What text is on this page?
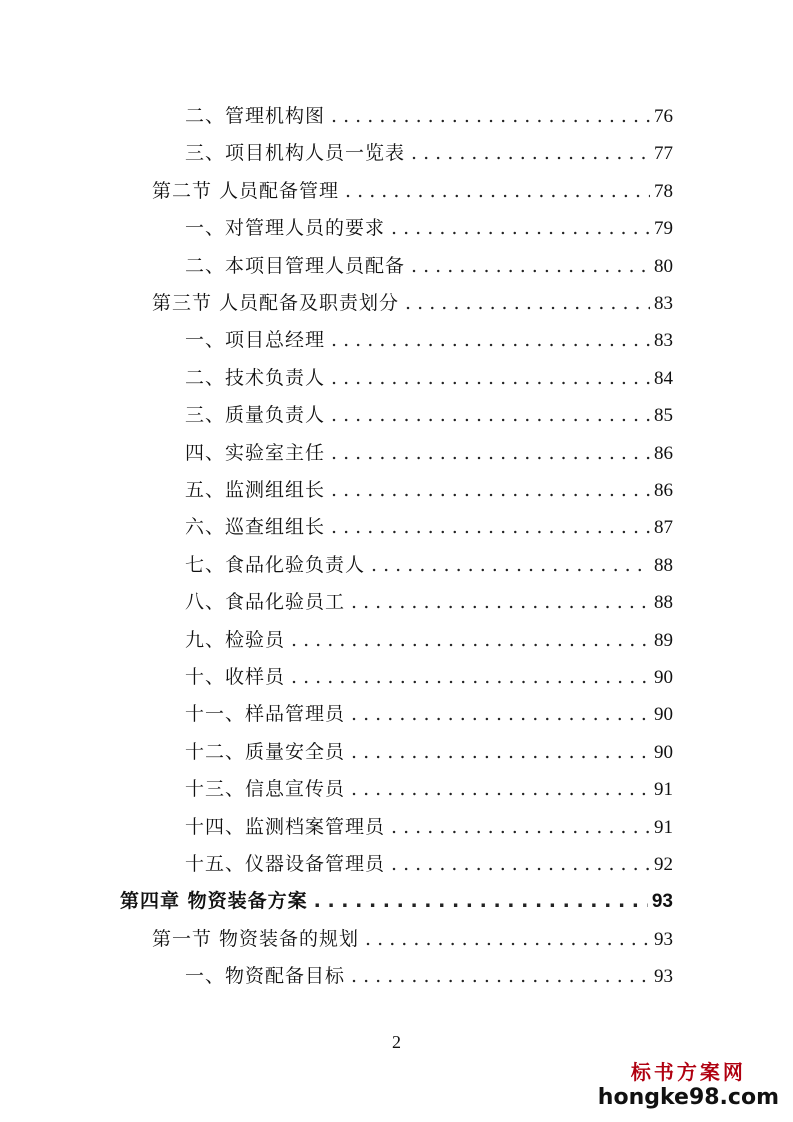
二、管理机构图 . . .	76
三、项目机构人员一览表 . . .	77
第二节 人员配备管理 . . .	78
一、对管理人员的要求 . . .	79
二、本项目管理人员配备 . . .	80
第三节 人员配备及职责划分 . . .	83
一、项目总经理 . . .	83
二、技术负责人 . . .	84
三、质量负责人 . . .	85
四、实验室主任 . . .	86
五、监测组组长 . . .	86
六、巡查组组长 . . .	87
七、食品化验负责人 . . .	88
八、食品化验员工 . . .	88
九、检验员 . . .	89
十、收样员 . . .	90
十一、样品管理员 . . .	90
十二、质量安全员 . . .	90
十三、信息宣传员 . . .	91
十四、监测档案管理员 . . .	91
十五、仪器设备管理员 . . .	92
第四章 物资装备方案 . . .	93
第一节 物资装备的规划 . . .	93
一、物资配备目标 . . .	93
2
标书方案网
hongke98.com
